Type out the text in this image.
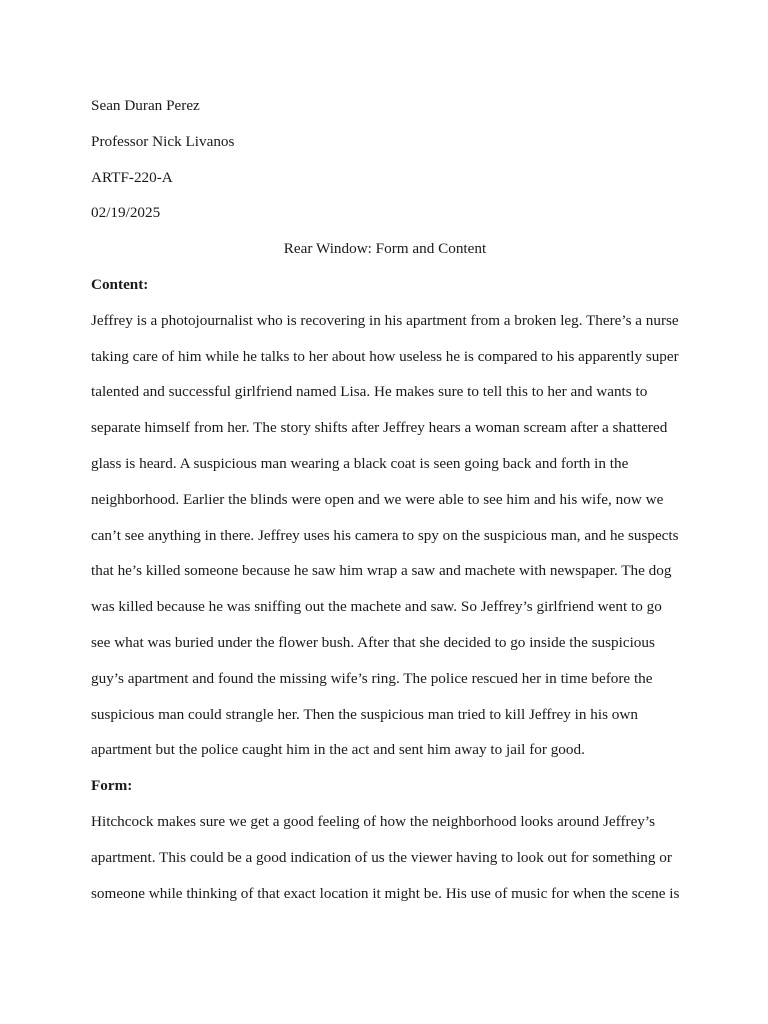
Sean Duran Perez
Professor Nick Livanos
ARTF-220-A
02/19/2025
Rear Window: Form and Content
Content:
Jeffrey is a photojournalist who is recovering in his apartment from a broken leg. There’s a nurse
taking care of him while he talks to her about how useless he is compared to his apparently super
talented and successful girlfriend named Lisa. He makes sure to tell this to her and wants to
separate himself from her. The story shifts after Jeffrey hears a woman scream after a shattered
glass is heard. A suspicious man wearing a black coat is seen going back and forth in the
neighborhood. Earlier the blinds were open and we were able to see him and his wife, now we
can’t see anything in there. Jeffrey uses his camera to spy on the suspicious man, and he suspects
that he’s killed someone because he saw him wrap a saw and machete with newspaper. The dog
was killed because he was sniffing out the machete and saw. So Jeffrey’s girlfriend went to go
see what was buried under the flower bush. After that she decided to go inside the suspicious
guy’s apartment and found the missing wife’s ring. The police rescued her in time before the
suspicious man could strangle her. Then the suspicious man tried to kill Jeffrey in his own
apartment but the police caught him in the act and sent him away to jail for good.
Form:
Hitchcock makes sure we get a good feeling of how the neighborhood looks around Jeffrey’s
apartment. This could be a good indication of us the viewer having to look out for something or
someone while thinking of that exact location it might be. His use of music for when the scene is
